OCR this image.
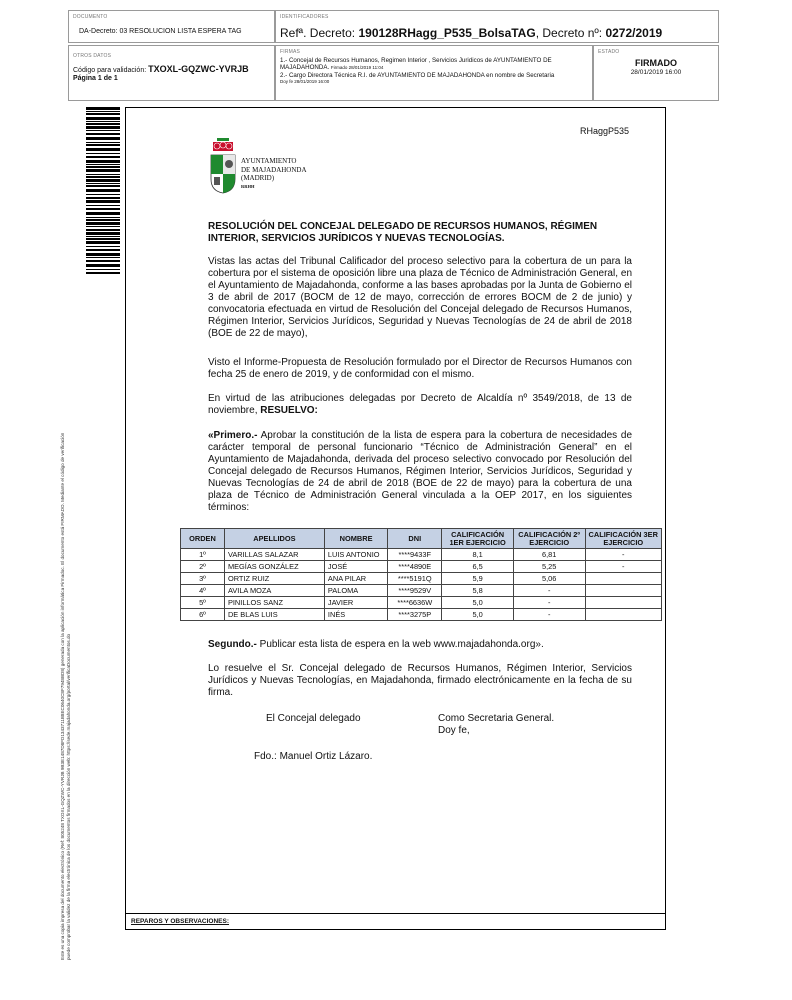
DOCUMENTO
DA-Decreto: 03 RESOLUCION LISTA ESPERA TAG
IDENTIFICADORES
Refª. Decreto: 190128RHagg_P535_BolsaTAG, Decreto nº: 0272/2019
OTROS DATOS
Código para validación: TXOXL-GQZWC-YVRJB
Página 1 de 1
FIRMAS
1.- Concejal de Recursos Humanos, Regimen Interior , Servicios Juridicos de AYUNTAMIENTO DE MAJADAHONDA. Firmado 28/01/2019 11:04
2.- Cargo Directora Técnica R.I. de AYUNTAMIENTO DE MAJADAHONDA en nombre de Secretaria
Doy fe 28/01/2019 16:00
ESTADO
FIRMADO
28/01/2019 16:00
Este es una copia impresa del documento electrónico (Ref: 805248 TXOXL-GQZWC-YVRJB 9B3E1487D8FD1343711B8EC0640C8F7948BD8) generada con la aplicación informática Firmadoc. El documento está FIRMADO. Mediante el código de verificación puede comprobar la validez de la firma electrónica de los documentos firmados en la dirección web: https://sede.majadahonda.org/portal/verificaDocumentos.do
RHaggP535
AYUNTAMIENTO
DE MAJADAHONDA
(MADRID)
RRHH
RESOLUCIÓN DEL CONCEJAL DELEGADO DE RECURSOS HUMANOS, RÉGIMEN INTERIOR, SERVICIOS JURÍDICOS Y NUEVAS TECNOLOGÍAS.
Vistas las actas del Tribunal Calificador del proceso selectivo para la cobertura de un para la cobertura por el sistema de oposición libre una plaza de Técnico de Administración General, en el Ayuntamiento de Majadahonda, conforme a las bases aprobadas por la Junta de Gobierno el 3 de abril de 2017 (BOCM de 12 de mayo, corrección de errores BOCM de 2 de junio) y convocatoria efectuada en virtud de Resolución del Concejal delegado de Recursos Humanos, Régimen Interior, Servicios Jurídicos, Seguridad y Nuevas Tecnologías de 24 de abril de 2018 (BOE de 22 de mayo),
Visto el Informe-Propuesta de Resolución formulado por el Director de Recursos Humanos con fecha 25 de enero de 2019, y de conformidad con el mismo.
En virtud de las atribuciones delegadas por Decreto de Alcaldía nº 3549/2018, de 13 de noviembre, RESUELVO:
«Primero.- Aprobar la constitución de la lista de espera para la cobertura de necesidades de carácter temporal de personal funcionario “Técnico de Administración General” en el Ayuntamiento de Majadahonda, derivada del proceso selectivo convocado por Resolución del Concejal delegado de Recursos Humanos, Régimen Interior, Servicios Jurídicos, Seguridad y Nuevas Tecnologías de 24 de abril de 2018 (BOE de 22 de mayo) para la cobertura de una plaza de Técnico de Administración General vinculada a la OEP 2017, en los siguientes términos:
ORDEN	APELLIDOS	NOMBRE	DNI	CALIFICACIÓN 1ER EJERCICIO	CALIFICACIÓN 2º EJERCICIO	CALIFICACIÓN 3ER EJERCICIO
1º	VARILLAS SALAZAR	LUIS ANTONIO	****9433F	8,1	6,81	-
2º	MEGÍAS GONZÁLEZ	JOSÉ	****4890E	6,5	5,25	-
3º	ORTIZ RUIZ	ANA PILAR	****5191Q	5,9	5,06	
4º	AVILA MOZA	PALOMA	****9529V	5,8	-	
5º	PINILLOS SANZ	JAVIER	****6636W	5,0	-	
6º	DE BLAS LUIS	INÉS	****3275P	5,0	-	
Segundo.- Publicar esta lista de espera en la web www.majadahonda.org».
Lo resuelve el Sr. Concejal delegado de Recursos Humanos, Régimen Interior, Servicios Jurídicos y Nuevas Tecnologías, en Majadahonda, firmado electrónicamente en la fecha de su firma.
El Concejal delegado	Como Secretaria General.
Doy fe,
Fdo.: Manuel Ortiz Lázaro.
REPAROS Y OBSERVACIONES:
